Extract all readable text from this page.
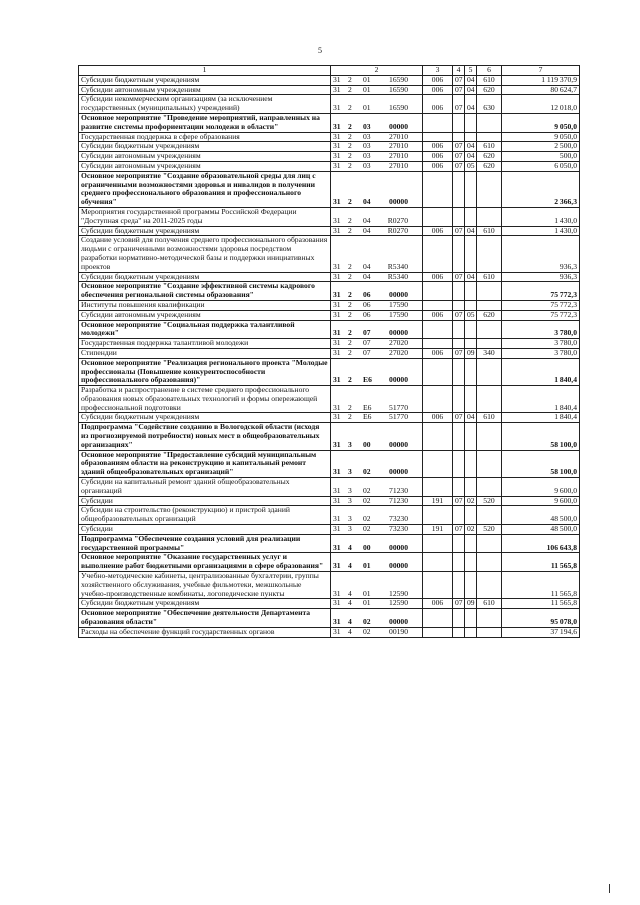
5
1	2	3	4	5	6	7
Субсидии бюджетным учреждениям	31 2 01 16590	006	07	04	610	1 119 370,9
Субсидии автономным учреждениям	31 2 01 16590	006	07	04	620	80 624,7
Субсидии некоммерческим организациям (за исключением государственных (муниципальных) учреждений)	31 2 01 16590	006	07	04	630	12 018,0
Основное мероприятие "Проведение мероприятий, направленных на развитие системы профориентации молодежи в области"	31 2 03 00000					9 050,0
Государственная поддержка в сфере образования	31 2 03 27010					9 050,0
Субсидии бюджетным учреждениям	31 2 03 27010	006	07	04	610	2 500,0
Субсидии автономным учреждениям	31 2 03 27010	006	07	04	620	500,0
Субсидии автономным учреждениям	31 2 03 27010	006	07	05	620	6 050,0
Основное мероприятие "Создание образовательной среды для лиц с ограниченными возможностями здоровья и инвалидов в получении среднего профессионального образования и профессионального обучения"	31 2 04 00000					2 366,3
Мероприятия государственной программы Российской Федерации "Доступная среда" на 2011-2025 годы	31 2 04 R0270					1 430,0
Субсидии бюджетным учреждениям	31 2 04 R0270	006	07	04	610	1 430,0
Создание условий для получения среднего профессионального образования людьми с ограниченными возможностями здоровья посредством разработки нормативно-методической базы и поддержки инициативных проектов	31 2 04 R5340					936,3
Субсидии бюджетным учреждениям	31 2 04 R5340	006	07	04	610	936,3
Основное мероприятие "Создание эффективной системы кадрового обеспечения региональной системы образования"	31 2 06 00000					75 772,3
Институты повышения квалификации	31 2 06 17590					75 772,3
Субсидии автономным учреждениям	31 2 06 17590	006	07	05	620	75 772,3
Основное мероприятие "Социальная поддержка талантливой молодежи"	31 2 07 00000					3 780,0
Государственная поддержка талантливой молодежи	31 2 07 27020					3 780,0
Стипендии	31 2 07 27020	006	07	09	340	3 780,0
Основное мероприятие "Реализация регионального проекта "Молодые профессионалы (Повышение конкурентоспособности профессионального образования)"	31 2 Е6 00000					1 840,4
Разработка и распространение в системе среднего профессионального образования новых образовательных технологий и формы опережающей профессиональной подготовки	31 2 Е6 51770					1 840,4
Субсидии бюджетным учреждениям	31 2 Е6 51770	006	07	04	610	1 840,4
Подпрограмма "Содействие созданию в Вологодской области (исходя из прогнозируемой потребности) новых мест в общеобразовательных организациях"	31 3 00 00000					58 100,0
Основное мероприятие "Предоставление субсидий муниципальным образованиям области на реконструкцию и капитальный ремонт зданий общеобразовательных организаций"	31 3 02 00000					58 100,0
Субсидии на капитальный ремонт зданий общеобразовательных организаций	31 3 02 71230					9 600,0
Субсидии	31 3 02 71230	191	07	02	520	9 600,0
Субсидии на строительство (реконструкцию) и пристрой зданий общеобразовательных организаций	31 3 02 73230					48 500,0
Субсидии	31 3 02 73230	191	07	02	520	48 500,0
Подпрограмма "Обеспечение создания условий для реализации государственной программы"	31 4 00 00000					106 643,8
Основное мероприятие "Оказание государственных услуг и выполнение работ бюджетными организациями в сфере образования"	31 4 01 00000					11 565,8
Учебно-методические кабинеты, централизованные бухгалтерии, группы хозяйственного обслуживания, учебные фильмотеки, межшкольные учебно-производственные комбинаты, логопедические пункты	31 4 01 12590					11 565,8
Субсидии бюджетным учреждениям	31 4 01 12590	006	07	09	610	11 565,8
Основное мероприятие "Обеспечение деятельности Департамента образования области"	31 4 02 00000					95 078,0
Расходы на обеспечение функций государственных органов	31 4 02 00190					37 194,6
